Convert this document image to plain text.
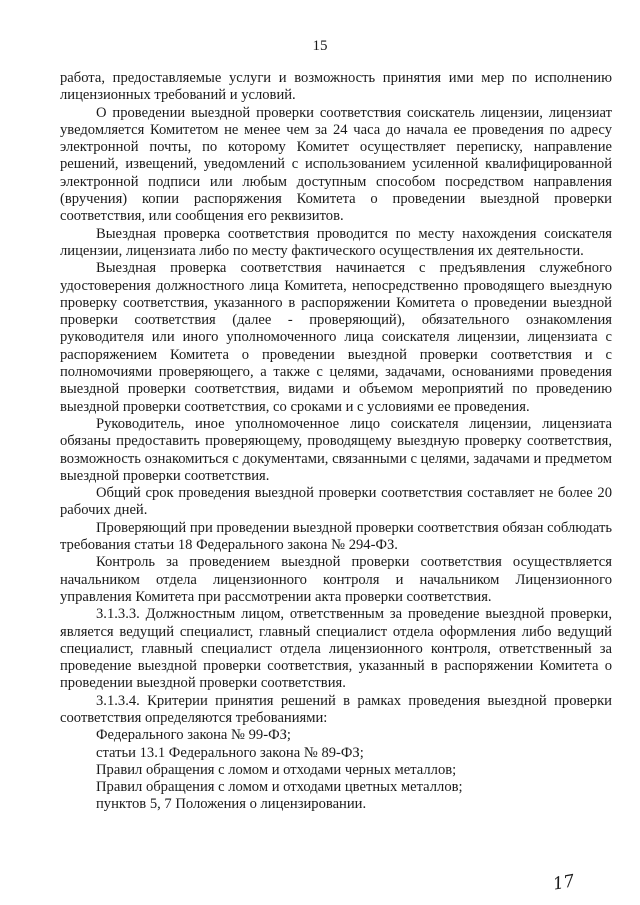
15

работа, предоставляемые услуги и возможность принятия ими мер по исполнению лицензионных требований и условий.

О проведении выездной проверки соответствия соискатель лицензии, лицензиат уведомляется Комитетом не менее чем за 24 часа до начала ее проведения по адресу электронной почты, по которому Комитет осуществляет переписку, направление решений, извещений, уведомлений с использованием усиленной квалифицированной электронной подписи или любым доступным способом посредством направления (вручения) копии распоряжения Комитета о проведении выездной проверки соответствия, или сообщения его реквизитов.

Выездная проверка соответствия проводится по месту нахождения соискателя лицензии, лицензиата либо по месту фактического осуществления их деятельности.

Выездная проверка соответствия начинается с предъявления служебного удостоверения должностного лица Комитета, непосредственно проводящего выездную проверку соответствия, указанного в распоряжении Комитета о проведении выездной проверки соответствия (далее - проверяющий), обязательного ознакомления руководителя или иного уполномоченного лица соискателя лицензии, лицензиата с распоряжением Комитета о проведении выездной проверки соответствия и с полномочиями проверяющего, а также с целями, задачами, основаниями проведения выездной проверки соответствия, видами и объемом мероприятий по проведению выездной проверки соответствия, со сроками и с условиями ее проведения.

Руководитель, иное уполномоченное лицо соискателя лицензии, лицензиата обязаны предоставить проверяющему, проводящему выездную проверку соответствия, возможность ознакомиться с документами, связанными с целями, задачами и предметом выездной проверки соответствия.

Общий срок проведения выездной проверки соответствия составляет не более 20 рабочих дней.

Проверяющий при проведении выездной проверки соответствия обязан соблюдать требования статьи 18 Федерального закона № 294-ФЗ.

Контроль за проведением выездной проверки соответствия осуществляется начальником отдела лицензионного контроля и начальником Лицензионного управления Комитета при рассмотрении акта проверки соответствия.

3.1.3.3. Должностным лицом, ответственным за проведение выездной проверки, является ведущий специалист, главный специалист отдела оформления либо ведущий специалист, главный специалист отдела лицензионного контроля, ответственный за проведение выездной проверки соответствия, указанный в распоряжении Комитета о проведении выездной проверки соответствия.

3.1.3.4. Критерии принятия решений в рамках проведения выездной проверки соответствия определяются требованиями:

Федерального закона № 99-ФЗ;

статьи 13.1 Федерального закона № 89-ФЗ;

Правил обращения с ломом и отходами черных металлов;

Правил обращения с ломом и отходами цветных металлов;

пунктов 5, 7 Положения о лицензировании.

17
